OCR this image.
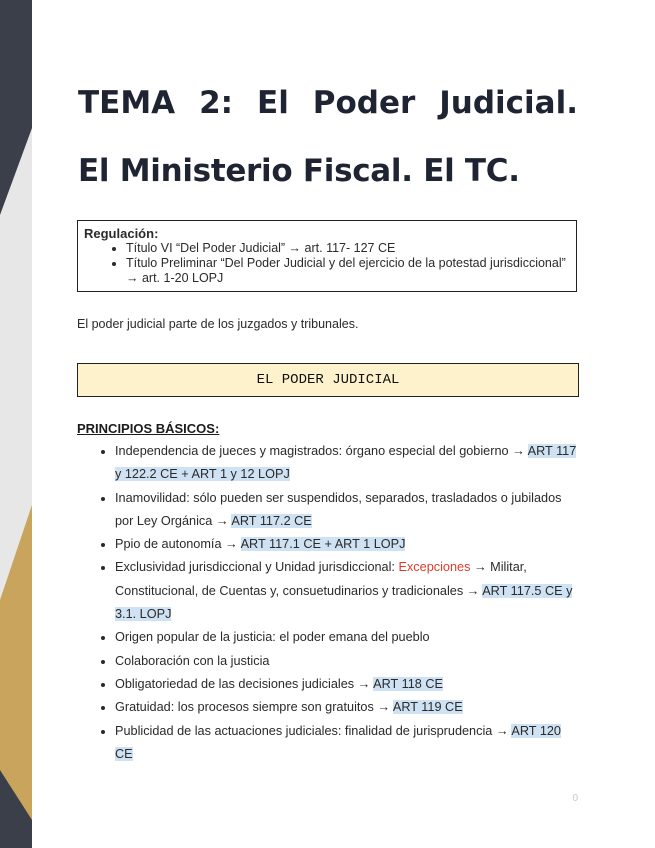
TEMA 2: El Poder Judicial.
El Ministerio Fiscal. El TC.
Regulación:
• Título VI “Del Poder Judicial” → art. 117- 127 CE
• Título Preliminar “Del Poder Judicial y del ejercicio de la potestad jurisdiccional” → art. 1-20 LOPJ

El poder judicial parte de los juzgados y tribunales.

EL PODER JUDICIAL

PRINCIPIOS BÁSICOS:

• Independencia de jueces y magistrados: órgano especial del gobierno → ART 117 y 122.2 CE + ART 1 y 12 LOPJ
• Inamovilidad: sólo pueden ser suspendidos, separados, trasladados o jubilados por Ley Orgánica → ART 117.2 CE
• Ppio de autonomía → ART 117.1 CE + ART 1 LOPJ
• Exclusividad jurisdiccional y Unidad jurisdiccional: Excepciones → Militar, Constitucional, de Cuentas y, consuetudinarios y tradicionales → ART 117.5 CE y 3.1. LOPJ
• Origen popular de la justicia: el poder emana del pueblo
• Colaboración con la justicia
• Obligatoriedad de las decisiones judiciales → ART 118 CE
• Gratuidad: los procesos siempre son gratuitos → ART 119 CE
• Publicidad de las actuaciones judiciales: finalidad de jurisprudencia → ART 120 CE
0
